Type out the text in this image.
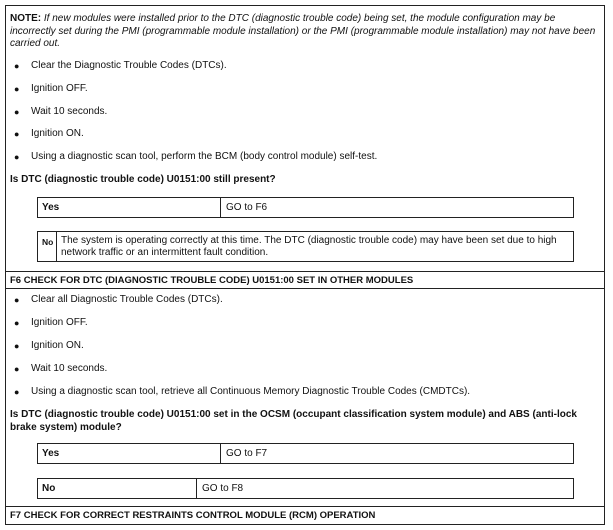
NOTE: If new modules were installed prior to the DTC (diagnostic trouble code) being set, the module configuration may be incorrectly set during the PMI (programmable module installation) or the PMI (programmable module installation) may not have been carried out.
● Clear the Diagnostic Trouble Codes (DTCs).
● Ignition OFF.
● Wait 10 seconds.
● Ignition ON.
● Using a diagnostic scan tool, perform the BCM (body control module) self-test.
Is DTC (diagnostic trouble code) U0151:00 still present?
Yes	GO to F6
No The system is operating correctly at this time. The DTC (diagnostic trouble code) may have been set due to high network traffic or an intermittent fault condition.
F6 CHECK FOR DTC (DIAGNOSTIC TROUBLE CODE) U0151:00 SET IN OTHER MODULES
● Clear all Diagnostic Trouble Codes (DTCs).
● Ignition OFF.
● Ignition ON.
● Wait 10 seconds.
● Using a diagnostic scan tool, retrieve all Continuous Memory Diagnostic Trouble Codes (CMDTCs).
Is DTC (diagnostic trouble code) U0151:00 set in the OCSM (occupant classification system module) and ABS (anti-lock brake system) module?
Yes	GO to F7
No	GO to F8
F7 CHECK FOR CORRECT RESTRAINTS CONTROL MODULE (RCM) OPERATION
